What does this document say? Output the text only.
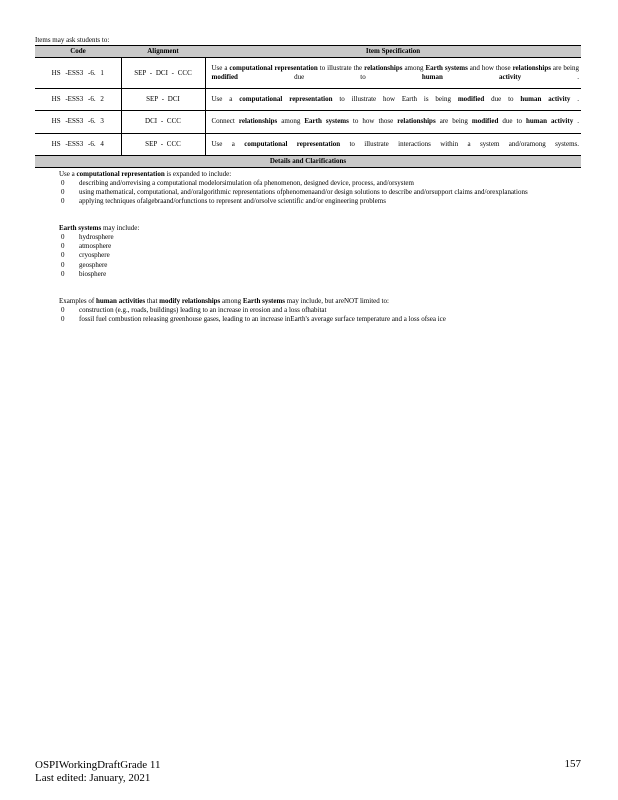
Items may ask students to:
Code	Alignment	Item Specification
HS -ESS3 -6. 1	SEP - DCI - CCC	Use a computational representation to illustrate the relationships among Earth systems and how those relationships are being modified due to human activity .
HS -ESS3 -6. 2	SEP - DCI	Use a computational representation to illustrate how Earth is being modified due to human activity .
HS -ESS3 -6. 3	DCI - CCC	Connect relationships among Earth systems to how those relationships are being modified due to human activity .
HS -ESS3 -6. 4	SEP - CCC	Use a computational representation to illustrate interactions within a system and/oramong systems.
Details and Clarifications		
Use a computational representation is expanded to include:
0 describing and/orrevising a computational modelorsimulation ofa phenomenon, designed device, process, and/orsystem
0 using mathematical, computational, and/oralgorithmic representations ofphenomenaand/or design solutions to describe and/orsupport claims and/orexplanations
0 applying techniques ofalgebraand/orfunctions to represent and/orsolve scientific and/or engineering problems
Earth systems may include:
0 hydrosphere
0 atmosphere
0 cryosphere
0 geosphere
0 biosphere
Examples of human activities that modify relationships among Earth systems may include, but areNOT limited to:
0 construction (e.g., roads, buildings) leading to an increase in erosion and a loss ofhabitat
0 fossil fuel combustion releasing greenhouse gases, leading to an increase inEarth's average surface temperature and a loss ofsea ice
OSPIWorkingDraftGrade 11
Last edited: January, 2021
157
